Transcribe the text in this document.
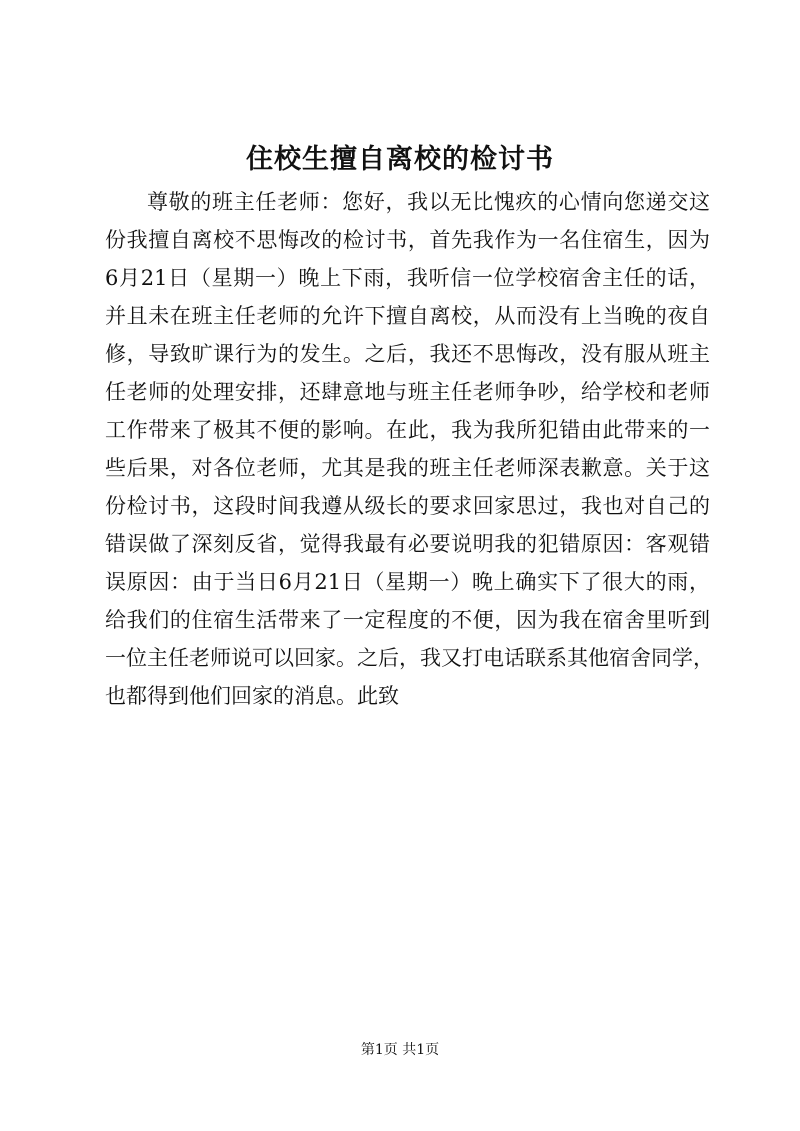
住校生擅自离校的检讨书
尊敬的班主任老师：您好，我以无比愧疚的心情向您递交这
份我擅自离校不思悔改的检讨书，首先我作为一名住宿生，因为
6月21日（星期一）晚上下雨，我听信一位学校宿舍主任的话，
并且未在班主任老师的允许下擅自离校，从而没有上当晚的夜自
修，导致旷课行为的发生。之后，我还不思悔改，没有服从班主
任老师的处理安排，还肆意地与班主任老师争吵，给学校和老师
工作带来了极其不便的影响。在此，我为我所犯错由此带来的一
些后果，对各位老师，尤其是我的班主任老师深表歉意。关于这
份检讨书，这段时间我遵从级长的要求回家思过，我也对自己的
错误做了深刻反省，觉得我最有必要说明我的犯错原因：客观错
误原因：由于当日6月21日（星期一）晚上确实下了很大的雨，
给我们的住宿生活带来了一定程度的不便，因为我在宿舍里听到
一位主任老师说可以回家。之后，我又打电话联系其他宿舍同学，
也都得到他们回家的消息。此致
第1页 共1页
